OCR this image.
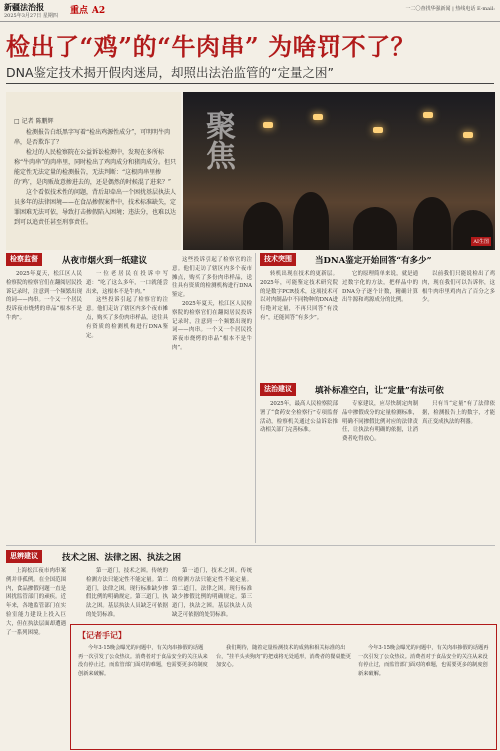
新疆法治报
2025年3月27日 星期四 重点 A2	一二〇查找华强新闻 | 热线电话 E-mail:
检出了“鸡”的“牛肉串” 为啥罚不了？
DNA鉴定技术揭开假肉迷局，却照出法治监管的“定量之困”
□ 记者 陈鹏辉

检测报告白纸黑字写着“检出鸡源性成分”，可明明牛肉串，是否欺诈了？

检过的人民检察院在公益诉讼检测中，发现在多所标称“牛肉串”的肉串里，同时检出了鸡肉成分和猪肉成分。但只能定性无法定量的检测报告，无法判断：“这根肉串里掺的‘鸡’，是肉贩故意掺进去的，还是偶然的时候混了进来？”

这个看似技术性的问题，背后却牵出一个困扰基层执法人员多年的法律困境——在食品掺假案件中，技术标准缺失，定罪困难无法可依，导致打击掺假陷入困境；违法分，也难以达到可以追责任甚至刑事责任。

聚焦
AI生图
检察监督	从夜市烟火到一纸建议

2025年夏天，松江区人民检察院的检察官们在翻阅居民投诉记录时，注意到一个频繁出现的词——肉串。一个又一个居民投诉夜市烧烤的串品“根本不是牛肉”。

一位老居民在投诉中写道：“吃了这么多年，一口就能尝出来，这根本不是牛肉。”

这些投诉引起了检察官的注意。他们走访了辖区内多个夜市摊点，购买了多份肉串样品，送往具有资质的检测机构进行DNA鉴定。

这些投诉引起了检察官的注意。他们走访了辖区内多个夜市摊点，购买了多份肉串样品，送往具有资质的检测机构进行DNA鉴定。

2025年夏天，松江区人民检察院的检察官们在翻阅居民投诉记录时，注意到一个频繁出现的词——肉串。一个又一个居民投诉夜市烧烤的串品“根本不是牛肉”。

技术突围	当DNA鉴定开始回答“有多少”

转机出现在技术的更新层。2025年，可能鉴定技术研究院的是数字PCR技术，这项技术可以对肉制品中不同物种的DNA进行绝对定量，不再只回答“有没有”，还能回答“有多少”。

它的原理简单来说，就是通过数字化的方法，把样品中的DNA分子逐个计数，精确计算出牛源和鸡源成分的比例。

以前我们只能说检出了鸡肉，现在我们可以告诉你，这根牛肉串里鸡肉占了百分之多少。

法治建议	填补标准空白，让“定量”有法可依

2025年，最高人民检察院部署了“食药安全检察行”专项监督活动，检察机关通过公益诉讼推动相关部门完善标准。

专家建议，应尽快制定肉制品中掺假成分的定量检测标准，明确不同掺假比例对应的法律责任，让执法有明确的依据，让消费者吃得放心。

只有当“定量”有了法律依据，检测报告上的数字，才能真正变成执法的利器。

思辨建议	技术之困、法律之困、执法之困

上海松江夜市肉串案例并非孤例。在全国范围内，食品掺假问题一直是困扰监管部门的顽疾。近年来，各地监管部门在实验室能力建设上投入巨大，但在执法层面却遭遇了一系列困境。

第一道门，技术之困。传统的检测方法只能定性不能定量。第二道门，法律之困。现行标准缺少掺假比例的明确规定。第三道门，执法之困。基层执法人员缺乏可依据的处罚标准。

第一道门，技术之困。传统的检测方法只能定性不能定量。第二道门，法律之困。现行标准缺少掺假比例的明确规定。第三道门，执法之困。基层执法人员缺乏可依据的处罚标准。

【记者手记】

今年3·15晚会曝光的问题中，有关肉串掺假的话题再一次引发了公众热议。消费者对于食品安全的关注从来没有停止过，而监管部门面对的难题，也需要更多的制度创新来破解。

我们期待，随着定量检测技术的成熟和相关标准的出台，“挂羊头卖狗肉”的把戏将无处遁形，消费者的餐桌能更加安心。

今年3·15晚会曝光的问题中，有关肉串掺假的话题再一次引发了公众热议。消费者对于食品安全的关注从来没有停止过，而监管部门面对的难题，也需要更多的制度创新来破解。
